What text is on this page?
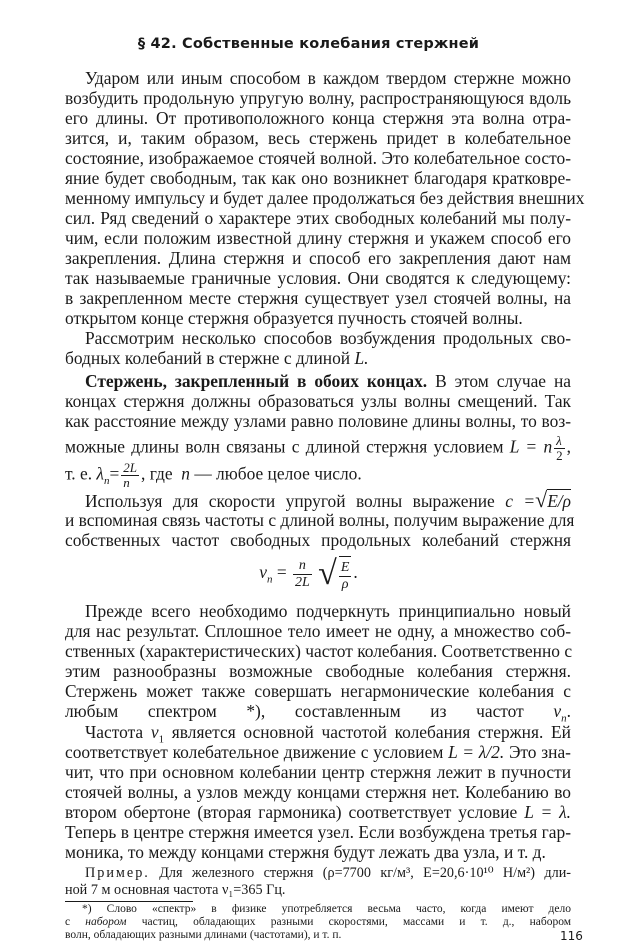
§ 42. Собственные колебания стержней
Ударом или иным способом в каждом твердом стержне можно
возбудить продольную упругую волну, распространяющуюся вдоль
его длины. От противоположного конца стержня эта волна отра-
зится, и, таким образом, весь стержень придет в колебательное
состояние, изображаемое стоячей волной. Это колебательное состо-
яние будет свободным, так как оно возникнет благодаря кратковре-
менному импульсу и будет далее продолжаться без действия внешних
сил. Ряд сведений о характере этих свободных колебаний мы полу-
чим, если положим известной длину стержня и укажем способ его
закрепления. Длина стержня и способ его закрепления дают нам
так называемые граничные условия. Они сводятся к следующему:
в закрепленном месте стержня существует узел стоячей волны, на
открытом конце стержня образуется пучность стоячей волны.
Рассмотрим несколько способов возбуждения продольных сво-
бодных колебаний в стержне с длиной L.
Стержень, закрепленный в обоих концах. В этом случае на
концах стержня должны образоваться узлы волны смещений. Так
как расстояние между узлами равно половине длины волны, то воз-
можные длины волн связаны с длиной стержня условием L = n $\frac{\lambda}{2}$ ,
т. е. $\lambda_n= \frac{2L}{n}$ , где n — любое целое число.
Используя для скорости упругой волны выражение c =√E/ρ
и вспоминая связь частоты с длиной волны, получим выражение для
собственных частот свободных продольных колебаний стержня
$\nu_n = \frac{n}{2L}$ √ $\frac{E}{\rho}$ .
Прежде всего необходимо подчеркнуть принципиально новый
для нас результат. Сплошное тело имеет не одну, а множество соб-
ственных (характеристических) частот колебания. Соответственно с
этим разнообразны возможные свободные колебания стержня.
Стержень может также совершать негармонические колебания с
любым спектром *), составленным из частот $\nu_n$.
Частота $\nu_1$ является основной частотой колебания стержня. Ей
соответствует колебательное движение с условием L = λ/2. Это зна-
чит, что при основном колебании центр стержня лежит в пучности
стоячей волны, а узлов между концами стержня нет. Колебанию во
втором обертоне (вторая гармоника) соответствует условие L = λ.
Теперь в центре стержня имеется узел. Если возбуждена третья гар-
моника, то между концами стержня будут лежать два узла, и т. д.
Пример. Для железного стержня (ρ=7700 кг/м³, E=20,6·10¹⁰ Н/м²) дли-
ной 7 м основная частота ν₁=365 Гц.
*) Слово «спектр» в физике употребляется весьма часто, когда имеют дело
с набором частиц, обладающих разными скоростями, массами и т. д., набором
волн, обладающих разными длинами (частотами), и т. п.	116
